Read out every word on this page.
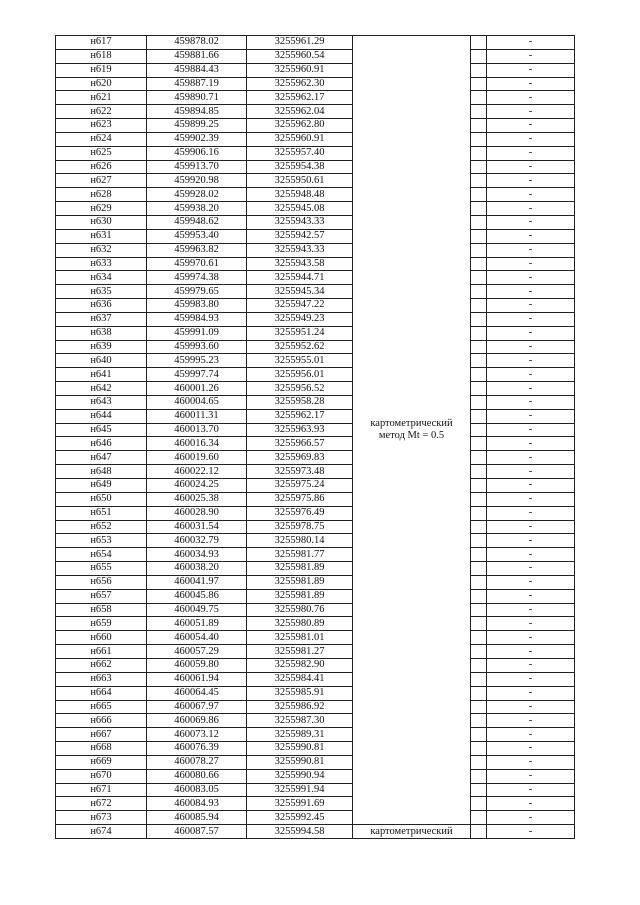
н617	459878.02	3255961.29	картометрический метод Mt = 0.5		-
н618	459881.66	3255960.54			-
н619	459884.43	3255960.91			-
н620	459887.19	3255962.30			-
н621	459890.71	3255962.17			-
н622	459894.85	3255962.04			-
н623	459899.25	3255962.80			-
н624	459902.39	3255960.91			-
н625	459906.16	3255957.40			-
н626	459913.70	3255954.38			-
н627	459920.98	3255950.61			-
н628	459928.02	3255948.48			-
н629	459938.20	3255945.08			-
н630	459948.62	3255943.33			-
н631	459953.40	3255942.57			-
н632	459963.82	3255943.33			-
н633	459970.61	3255943.58			-
н634	459974.38	3255944.71			-
н635	459979.65	3255945.34			-
н636	459983.80	3255947.22			-
н637	459984.93	3255949.23			-
н638	459991.09	3255951.24			-
н639	459993.60	3255952.62			-
н640	459995.23	3255955.01			-
н641	459997.74	3255956.01			-
н642	460001.26	3255956.52			-
н643	460004.65	3255958.28			-
н644	460011.31	3255962.17			-
н645	460013.70	3255963.93			-
н646	460016.34	3255966.57			-
н647	460019.60	3255969.83			-
н648	460022.12	3255973.48			-
н649	460024.25	3255975.24			-
н650	460025.38	3255975.86			-
н651	460028.90	3255976.49			-
н652	460031.54	3255978.75			-
н653	460032.79	3255980.14			-
н654	460034.93	3255981.77			-
н655	460038.20	3255981.89			-
н656	460041.97	3255981.89			-
н657	460045.86	3255981.89			-
н658	460049.75	3255980.76			-
н659	460051.89	3255980.89			-
н660	460054.40	3255981.01			-
н661	460057.29	3255981.27			-
н662	460059.80	3255982.90			-
н663	460061.94	3255984.41			-
н664	460064.45	3255985.91			-
н665	460067.97	3255986.92			-
н666	460069.86	3255987.30			-
н667	460073.12	3255989.31			-
н668	460076.39	3255990.81			-
н669	460078.27	3255990.81			-
н670	460080.66	3255990.94			-
н671	460083.05	3255991.94			-
н672	460084.93	3255991.69			-
н673	460085.94	3255992.45			-
н674	460087.57	3255994.58	картометрический		-
